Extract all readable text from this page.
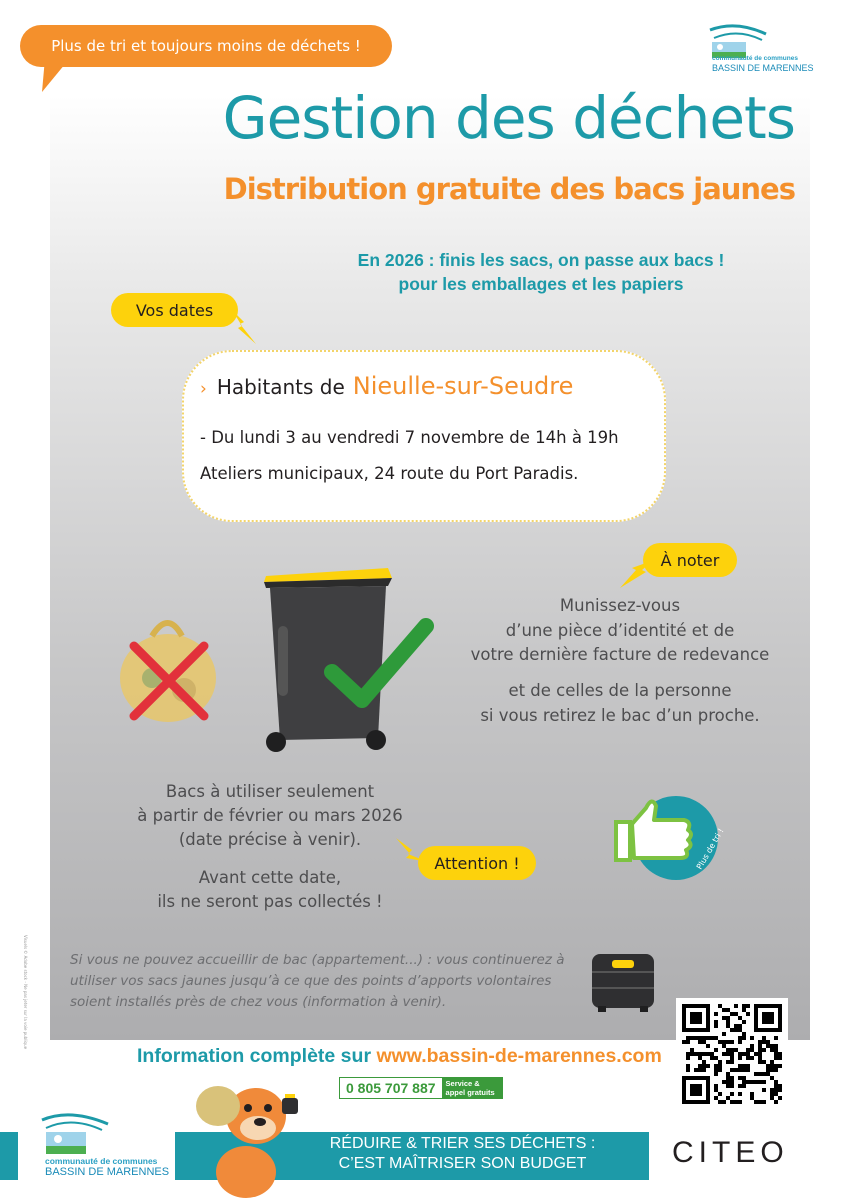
Plus de tri et toujours moins de déchets !
communauté de communes
BASSIN DE MARENNES
Gestion des déchets
Distribution gratuite des bacs jaunes
En 2026 : finis les sacs, on passe aux bacs !
pour les emballages et les papiers
Vos dates
› Habitants de Nieulle-sur-Seudre
- Du lundi 3 au vendredi 7 novembre de 14h à 19h
Ateliers municipaux, 24 route du Port Paradis.
À noter
Munissez-vous
d’une pièce d’identité et de
votre dernière facture de redevance
et de celles de la personne
si vous retirez le bac d’un proche.
Bacs à utiliser seulement
à partir de février ou mars 2026
(date précise à venir).
Avant cette date,
ils ne seront pas collectés !
Attention !	Plus de tri !
Visuels © Adobe stock - Ne pas jeter sur la voie publique	Si vous ne pouvez accueillir de bac (appartement...) : vous continuerez à
utiliser vos sacs jaunes jusqu’à ce que des points d’apports volontaires
soient installés près de chez vous (information à venir).
Information complète sur www.bassin-de-marennes.com
0 805 707 887	Service & appel gratuits
RÉDUIRE & TRIER SES DÉCHETS :
C’EST MAÎTRISER SON BUDGET
communauté de communes
BASSIN DE MARENNES
CITEO
